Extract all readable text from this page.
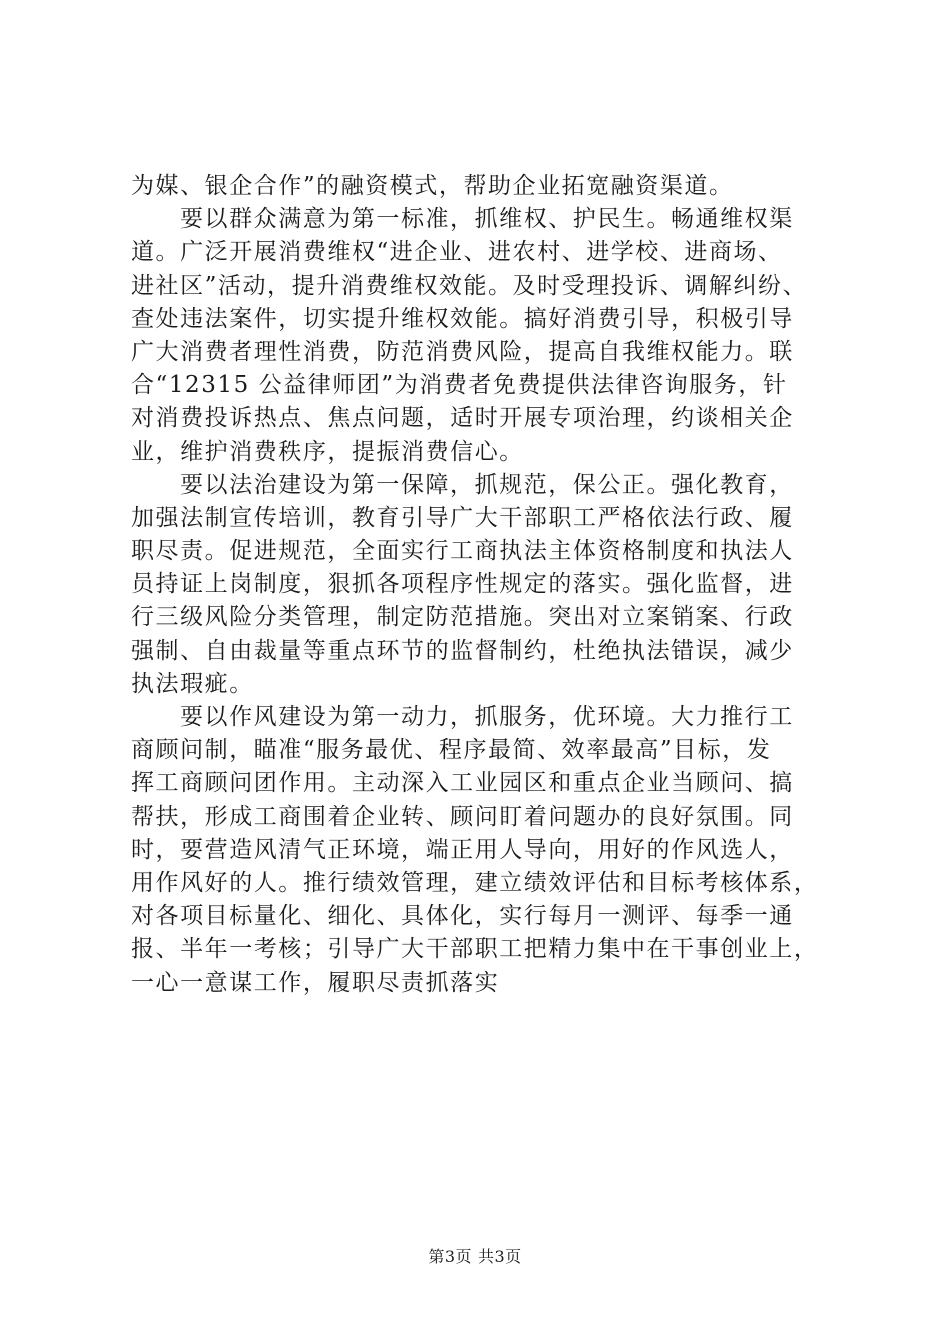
为媒、银企合作”的融资模式，帮助企业拓宽融资渠道。
要以群众满意为第一标准，抓维权、护民生。畅通维权渠
道。广泛开展消费维权“进企业、进农村、进学校、进商场、
进社区”活动，提升消费维权效能。及时受理投诉、调解纠纷、
查处违法案件，切实提升维权效能。搞好消费引导，积极引导
广大消费者理性消费，防范消费风险，提高自我维权能力。联
合“12315 公益律师团”为消费者免费提供法律咨询服务，针
对消费投诉热点、焦点问题，适时开展专项治理，约谈相关企
业，维护消费秩序，提振消费信心。
要以法治建设为第一保障，抓规范，保公正。强化教育，
加强法制宣传培训，教育引导广大干部职工严格依法行政、履
职尽责。促进规范，全面实行工商执法主体资格制度和执法人
员持证上岗制度，狠抓各项程序性规定的落实。强化监督，进
行三级风险分类管理，制定防范措施。突出对立案销案、行政
强制、自由裁量等重点环节的监督制约，杜绝执法错误，减少
执法瑕疵。
要以作风建设为第一动力，抓服务，优环境。大力推行工
商顾问制，瞄准“服务最优、程序最简、效率最高”目标，发
挥工商顾问团作用。主动深入工业园区和重点企业当顾问、搞
帮扶，形成工商围着企业转、顾问盯着问题办的良好氛围。同
时，要营造风清气正环境，端正用人导向，用好的作风选人，
用作风好的人。推行绩效管理，建立绩效评估和目标考核体系，
对各项目标量化、细化、具体化，实行每月一测评、每季一通
报、半年一考核；引导广大干部职工把精力集中在干事创业上，
一心一意谋工作，履职尽责抓落实
第3页 共3页
